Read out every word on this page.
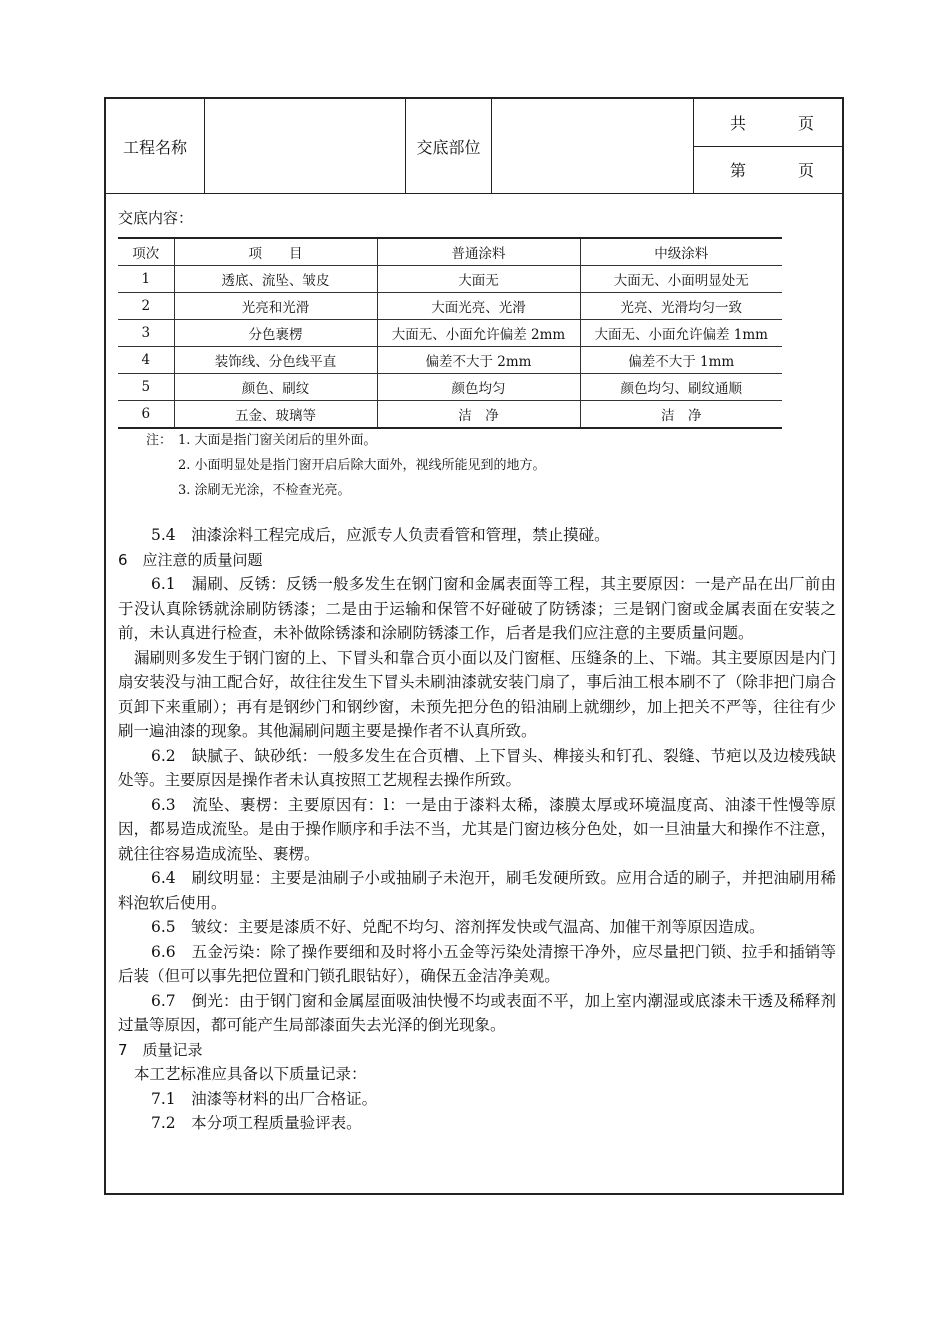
工程名称	交底部位
共	页
第	页
交底内容：
项次	项　　目	普通涂料	中级涂料
1	透底、流坠、皱皮	大面无	大面无、小面明显处无
2	光亮和光滑	大面光亮、光滑	光亮、光滑均匀一致
3	分色裹楞	大面无、小面允许偏差 2mm	大面无、小面允许偏差 1mm
4	装饰线、分色线平直	偏差不大于 2mm	偏差不大于 1mm
5	颜色、刷纹	颜色均匀	颜色均匀、刷纹通顺
6	五金、玻璃等	洁　净	洁　净
注： 1. 大面是指门窗关闭后的里外面。
2. 小面明显处是指门窗开启后除大面外，视线所能见到的地方。
3. 涂刷无光涂，不检查光亮。

5.4　油漆涂料工程完成后，应派专人负责看管和管理，禁止摸碰。

6　应注意的质量问题

6.1　漏刷、反锈：反锈一般多发生在钢门窗和金属表面等工程，其主要原因：一是产品在出厂前由于没认真除锈就涂刷防锈漆；二是由于运输和保管不好碰破了防锈漆；三是钢门窗或金属表面在安装之前，未认真进行检查，未补做除锈漆和涂刷防锈漆工作，后者是我们应注意的主要质量问题。

漏刷则多发生于钢门窗的上、下冒头和靠合页小面以及门窗框、压缝条的上、下端。其主要原因是内门扇安装没与油工配合好，故往往发生下冒头未刷油漆就安装门扇了，事后油工根本刷不了（除非把门扇合页卸下来重刷）；再有是钢纱门和钢纱窗，未预先把分色的铅油刷上就绷纱，加上把关不严等，往往有少刷一遍油漆的现象。其他漏刷问题主要是操作者不认真所致。

6.2　缺腻子、缺砂纸：一般多发生在合页槽、上下冒头、榫接头和钉孔、裂缝、节疤以及边棱残缺处等。主要原因是操作者未认真按照工艺规程去操作所致。

6.3　流坠、裹楞：主要原因有：l：一是由于漆料太稀，漆膜太厚或环境温度高、油漆干性慢等原因，都易造成流坠。是由于操作顺序和手法不当，尤其是门窗边核分色处，如一旦油量大和操作不注意，就往往容易造成流坠、裹楞。

6.4　刷纹明显：主要是油刷子小或抽刷子未泡开，刷毛发硬所致。应用合适的刷子，并把油刷用稀料泡软后使用。

6.5　皱纹：主要是漆质不好、兑配不均匀、溶剂挥发快或气温高、加催干剂等原因造成。

6.6　五金污染：除了操作要细和及时将小五金等污染处清擦干净外，应尽量把门锁、拉手和插销等后装（但可以事先把位置和门锁孔眼钻好），确保五金洁净美观。

6.7　倒光：由于钢门窗和金属屋面吸油快慢不均或表面不平，加上室内潮湿或底漆未干透及稀释剂过量等原因，都可能产生局部漆面失去光泽的倒光现象。

7　质量记录

本工艺标准应具备以下质量记录：

7.1　油漆等材料的出厂合格证。

7.2　本分项工程质量验评表。
